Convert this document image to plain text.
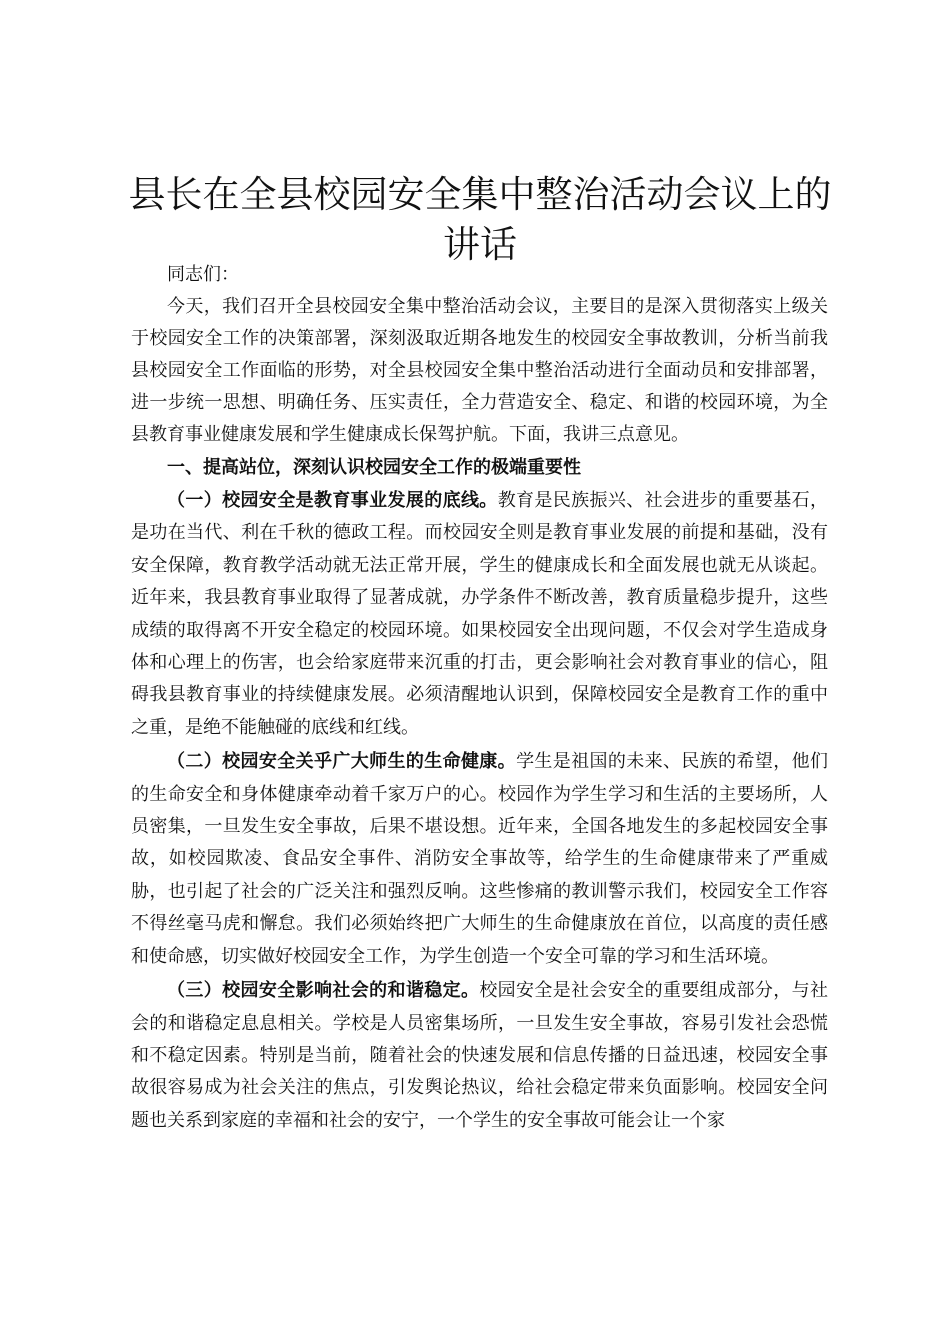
县长在全县校园安全集中整治活动会议上的讲话

同志们：

今天，我们召开全县校园安全集中整治活动会议，主要目的是深入贯彻落实上级关于校园安全工作的决策部署，深刻汲取近期各地发生的校园安全事故教训，分析当前我县校园安全工作面临的形势，对全县校园安全集中整治活动进行全面动员和安排部署，进一步统一思想、明确任务、压实责任，全力营造安全、稳定、和谐的校园环境，为全县教育事业健康发展和学生健康成长保驾护航。下面，我讲三点意见。

一、提高站位，深刻认识校园安全工作的极端重要性

（一）校园安全是教育事业发展的底线。教育是民族振兴、社会进步的重要基石，是功在当代、利在千秋的德政工程。而校园安全则是教育事业发展的前提和基础，没有安全保障，教育教学活动就无法正常开展，学生的健康成长和全面发展也就无从谈起。近年来，我县教育事业取得了显著成就，办学条件不断改善，教育质量稳步提升，这些成绩的取得离不开安全稳定的校园环境。如果校园安全出现问题，不仅会对学生造成身体和心理上的伤害，也会给家庭带来沉重的打击，更会影响社会对教育事业的信心，阻碍我县教育事业的持续健康发展。必须清醒地认识到，保障校园安全是教育工作的重中之重，是绝不能触碰的底线和红线。

（二）校园安全关乎广大师生的生命健康。学生是祖国的未来、民族的希望，他们的生命安全和身体健康牵动着千家万户的心。校园作为学生学习和生活的主要场所，人员密集，一旦发生安全事故，后果不堪设想。近年来，全国各地发生的多起校园安全事故，如校园欺凌、食品安全事件、消防安全事故等，给学生的生命健康带来了严重威胁，也引起了社会的广泛关注和强烈反响。这些惨痛的教训警示我们，校园安全工作容不得丝毫马虎和懈怠。我们必须始终把广大师生的生命健康放在首位，以高度的责任感和使命感，切实做好校园安全工作，为学生创造一个安全可靠的学习和生活环境。

（三）校园安全影响社会的和谐稳定。校园安全是社会安全的重要组成部分，与社会的和谐稳定息息相关。学校是人员密集场所，一旦发生安全事故，容易引发社会恐慌和不稳定因素。特别是当前，随着社会的快速发展和信息传播的日益迅速，校园安全事故很容易成为社会关注的焦点，引发舆论热议，给社会稳定带来负面影响。校园安全问题也关系到家庭的幸福和社会的安宁，一个学生的安全事故可能会让一个家
